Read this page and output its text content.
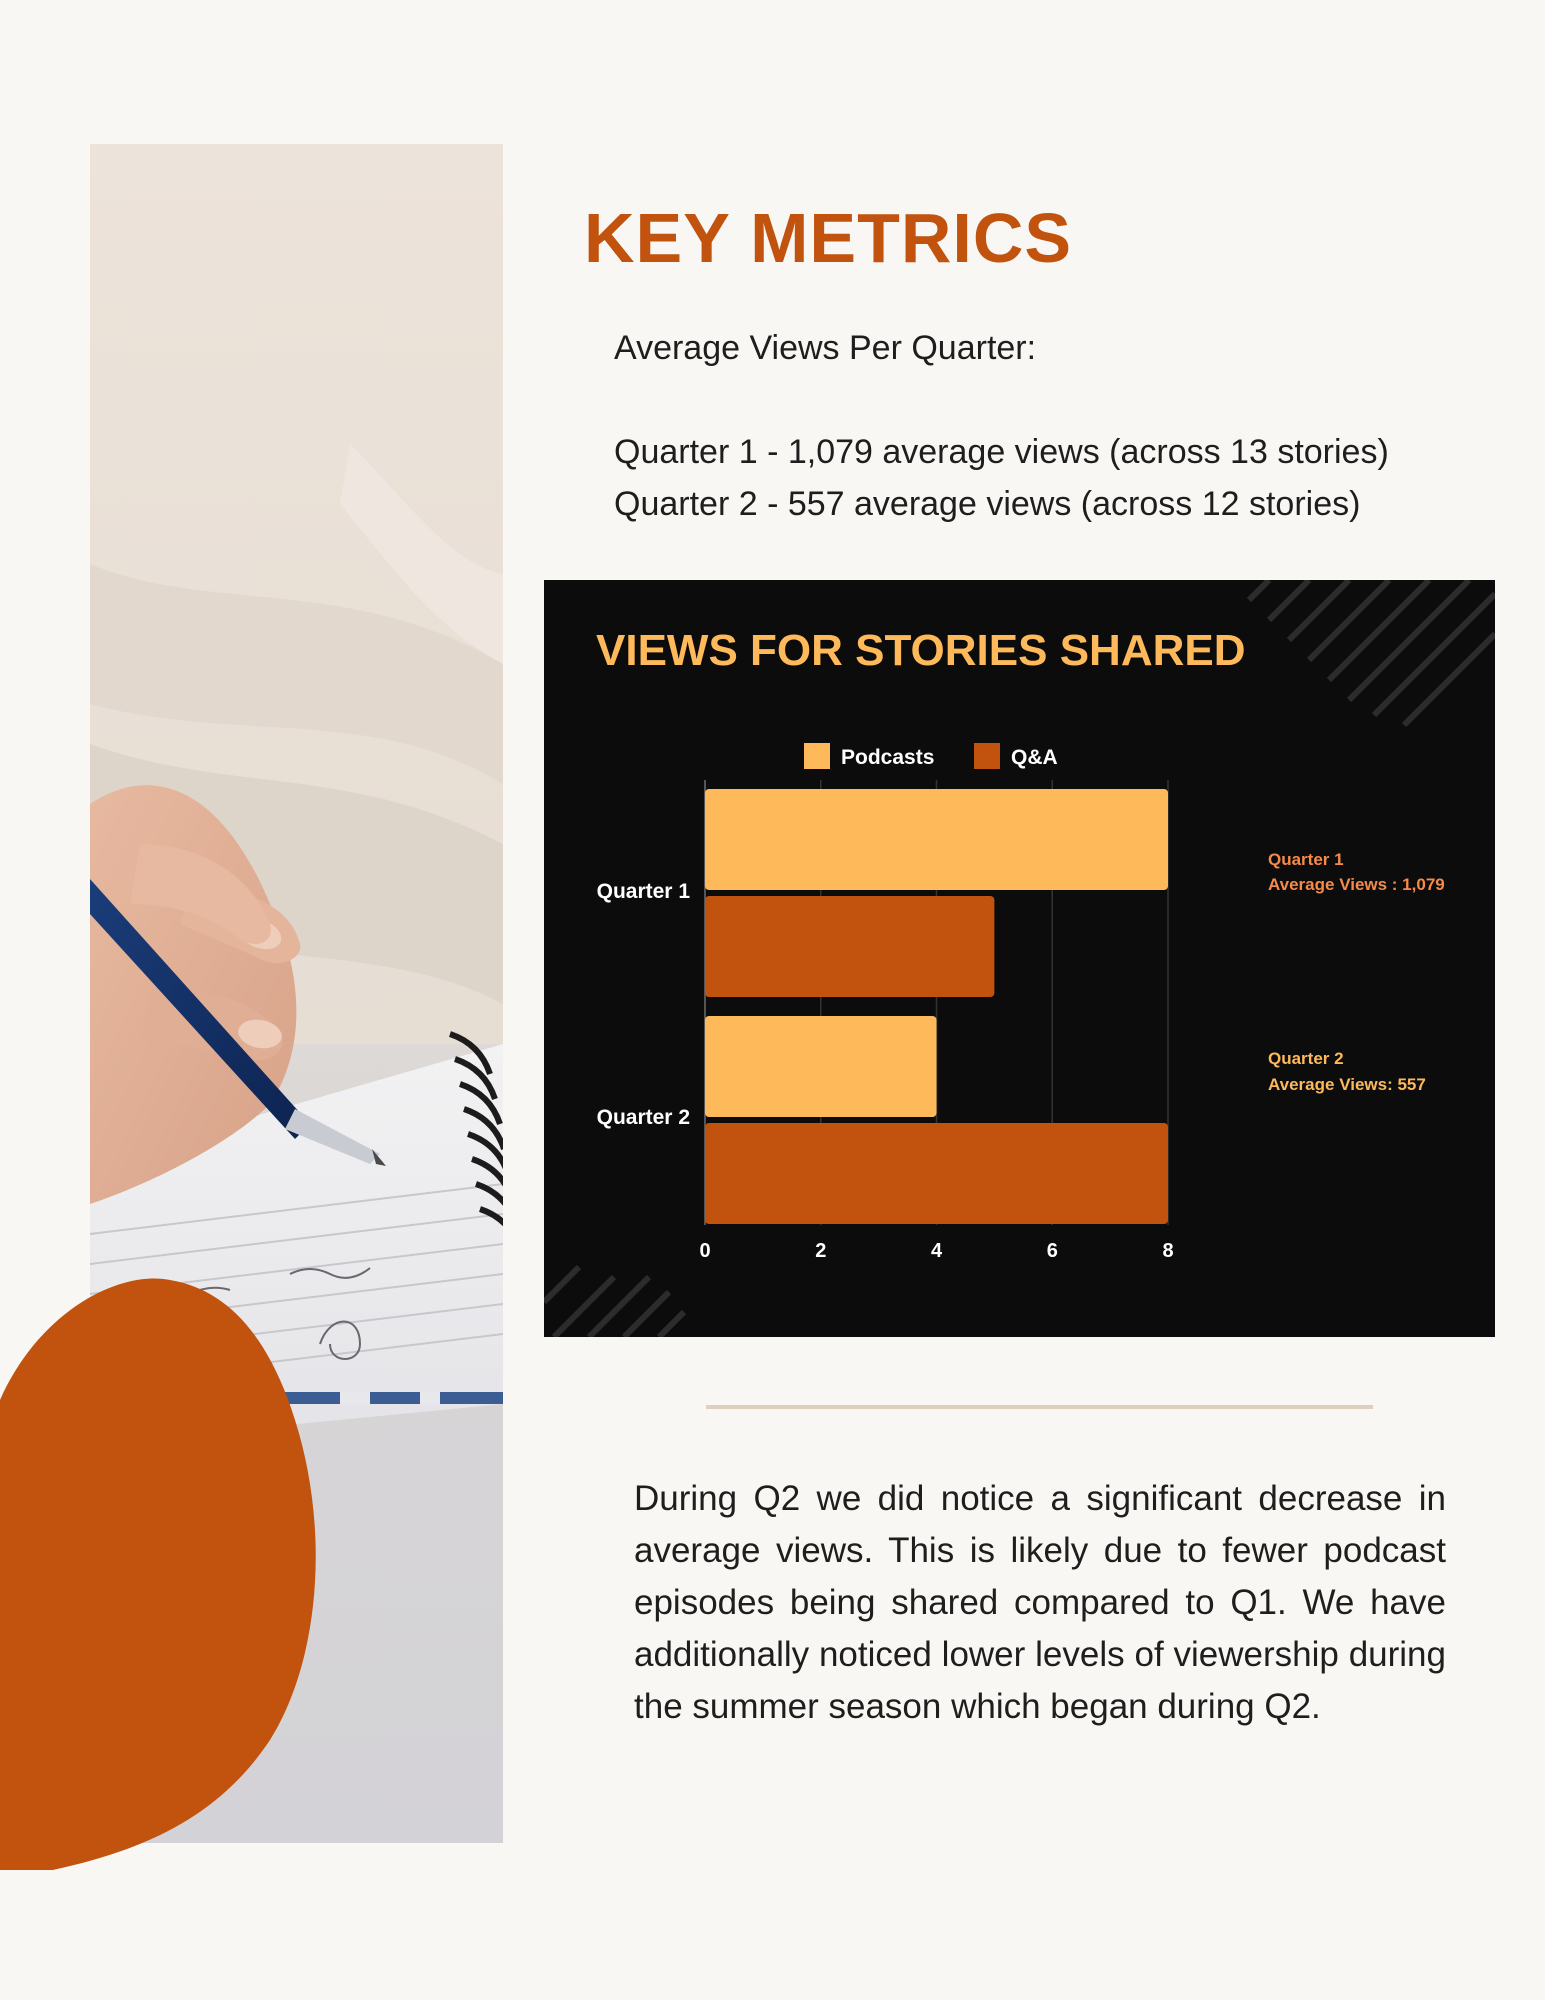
KEY METRICS

Average Views Per Quarter:

Quarter 1 - 1,079 average views (across 13 stories)

Quarter 2 - 557 average views (across 12 stories)

VIEWS FOR STORIES SHARED
Podcasts	Q&A
0	2	4	6	8
Quarter 1
Quarter 2
Quarter 1
Average Views : 1,079
Quarter 2
Average Views: 557

During Q2 we did notice a significant decrease in average views. This is likely due to fewer podcast episodes being shared compared to Q1. We have additionally noticed lower levels of viewership during the summer season which began during Q2.
